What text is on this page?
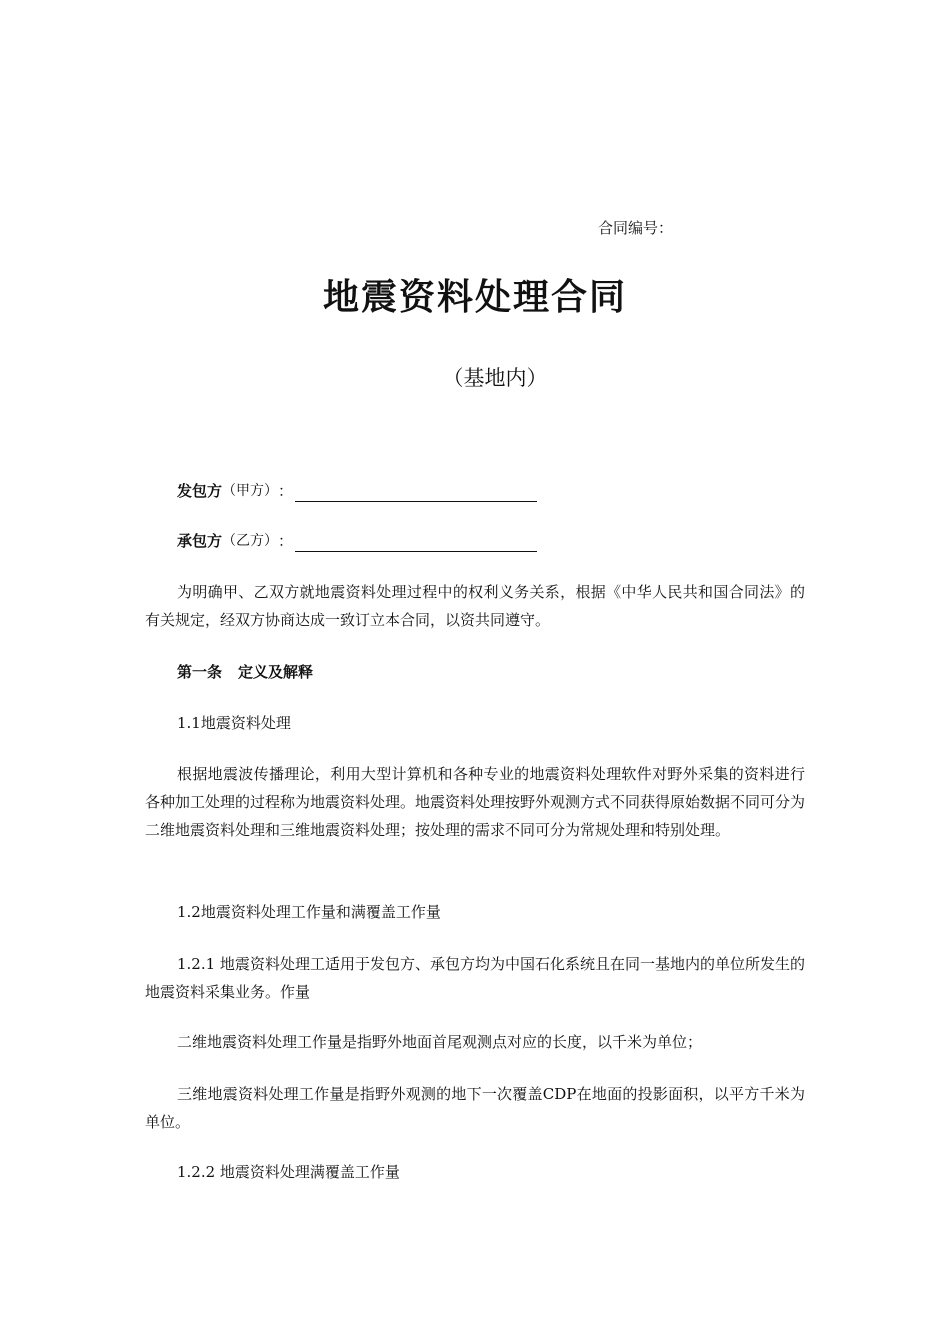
合同编号：
地震资料处理合同
（基地内）
发包方 （甲方） ：
承包方 （乙方） ：

为明确甲、乙双方就地震资料处理过程中的权利义务关系，根据《中华人民共和国合同法》的有关规定，经双方协商达成一致订立本合同，以资共同遵守。

第一条 定义及解释

1.1地震资料处理

根据地震波传播理论，利用大型计算机和各种专业的地震资料处理软件对野外采集的资料进行各种加工处理的过程称为地震资料处理。地震资料处理按野外观测方式不同获得原始数据不同可分为二维地震资料处理和三维地震资料处理；按处理的需求不同可分为常规处理和特别处理。

1.2地震资料处理工作量和满覆盖工作量

1.2.1 地震资料处理工适用于发包方、承包方均为中国石化系统且在同一基地内的单位所发生的地震资料采集业务。作量

二维地震资料处理工作量是指野外地面首尾观测点对应的长度，以千米为单位；

三维地震资料处理工作量是指野外观测的地下一次覆盖CDP在地面的投影面积，以平方千米为单位。

1.2.2 地震资料处理满覆盖工作量
